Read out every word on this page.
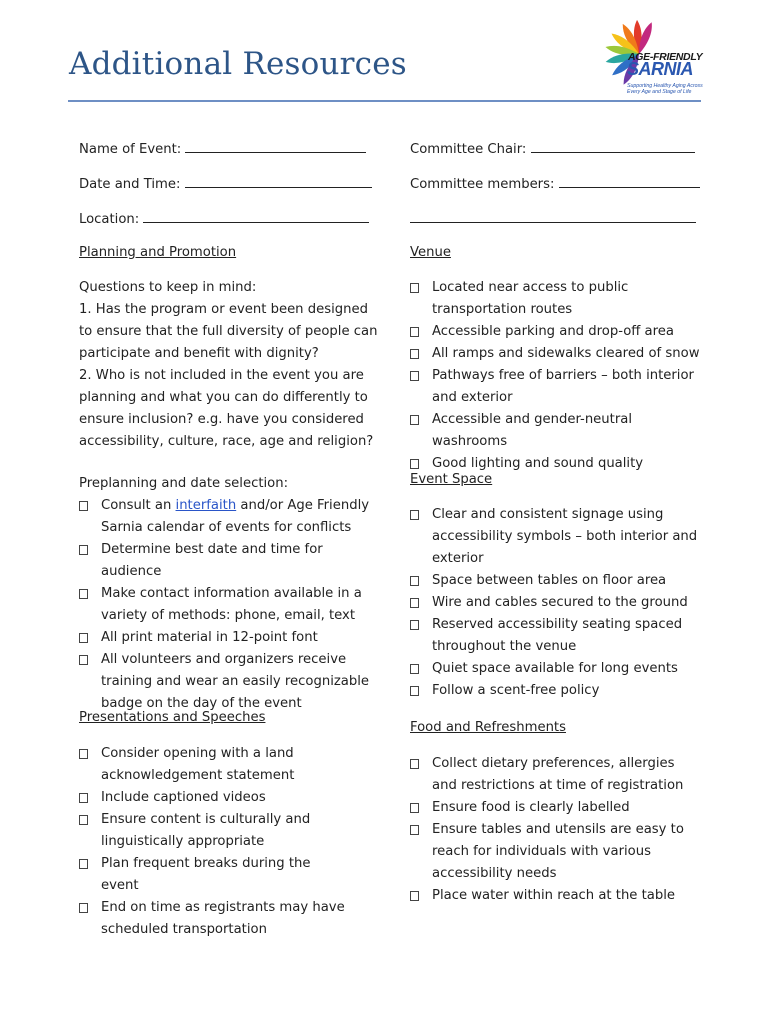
Additional Resources	AGE-FRIENDLY
SARNIA
Supporting Healthy Aging Across Every Age and Stage of Life
Name of Event:
Date and Time:
Location:
Committee Chair:
Committee members:
Planning and Promotion
Questions to keep in mind:
1. Has the program or event been designed to ensure that the full diversity of people can participate and benefit with dignity?
2. Who is not included in the event you are planning and what you can do differently to ensure inclusion? e.g. have you considered accessibility, culture, race, age and religion?
Preplanning and date selection:
Consult an interfaith and/or Age Friendly Sarnia calendar of events for conflicts
Determine best date and time for audience
Make contact information available in a variety of methods: phone, email, text
All print material in 12-point font
All volunteers and organizers receive training and wear an easily recognizable badge on the day of the event
Presentations and Speeches
Consider opening with a land acknowledgement statement
Include captioned videos
Ensure content is culturally and linguistically appropriate
Plan frequent breaks during the event
End on time as registrants may have scheduled transportation
Venue
Located near access to public transportation routes
Accessible parking and drop-off area
All ramps and sidewalks cleared of snow
Pathways free of barriers – both interior and exterior
Accessible and gender-neutral washrooms
Good lighting and sound quality
Event Space
Clear and consistent signage using accessibility symbols – both interior and exterior
Space between tables on floor area
Wire and cables secured to the ground
Reserved accessibility seating spaced throughout the venue
Quiet space available for long events
Follow a scent-free policy
Food and Refreshments
Collect dietary preferences, allergies and restrictions at time of registration
Ensure food is clearly labelled
Ensure tables and utensils are easy to reach for individuals with various accessibility needs
Place water within reach at the table
